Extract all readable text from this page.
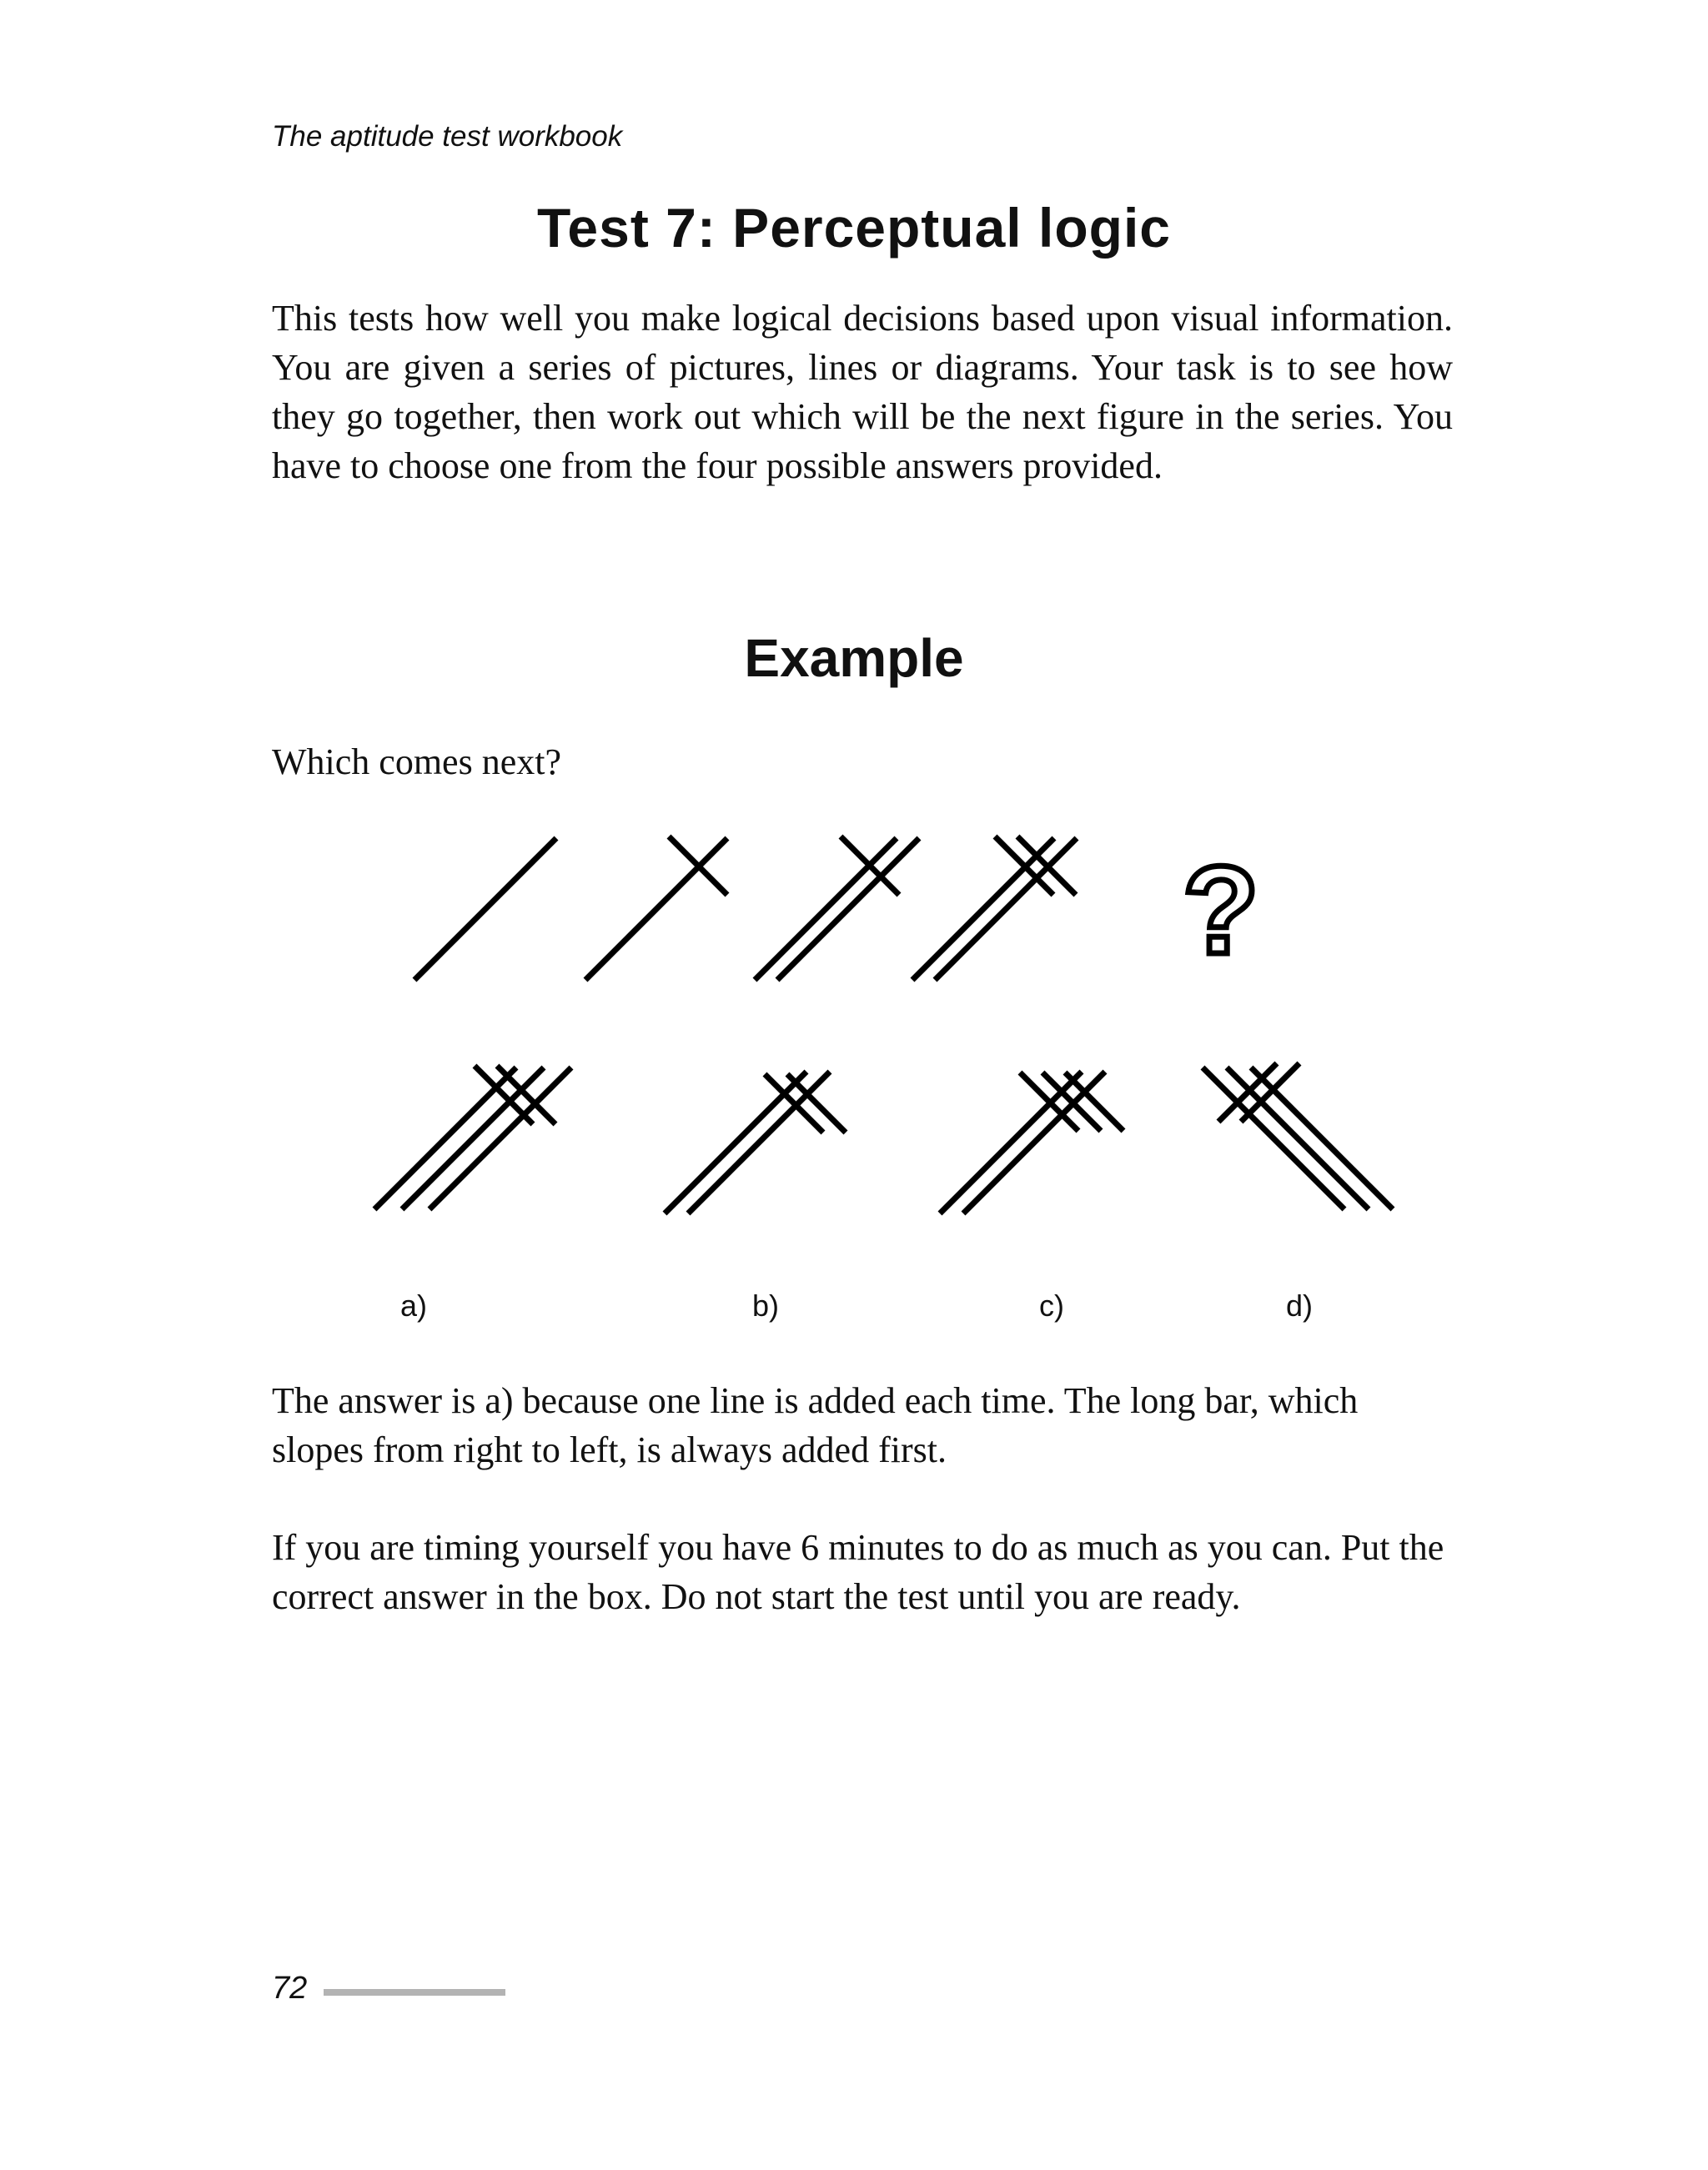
The aptitude test workbook

Test 7: Perceptual logic

This tests how well you make logical decisions based upon visual information. You are given a series of pictures, lines or diagrams. Your task is to see how they go together, then work out which will be the next figure in the series. You have to choose one from the four possible answers provided.

Example

Which comes next?

?

a)	b)	c)	d)

The answer is a) because one line is added each time. The long bar, which slopes from right to left, is always added first.

If you are timing yourself you have 6 minutes to do as much as you can. Put the correct answer in the box. Do not start the test until you are ready.

72
